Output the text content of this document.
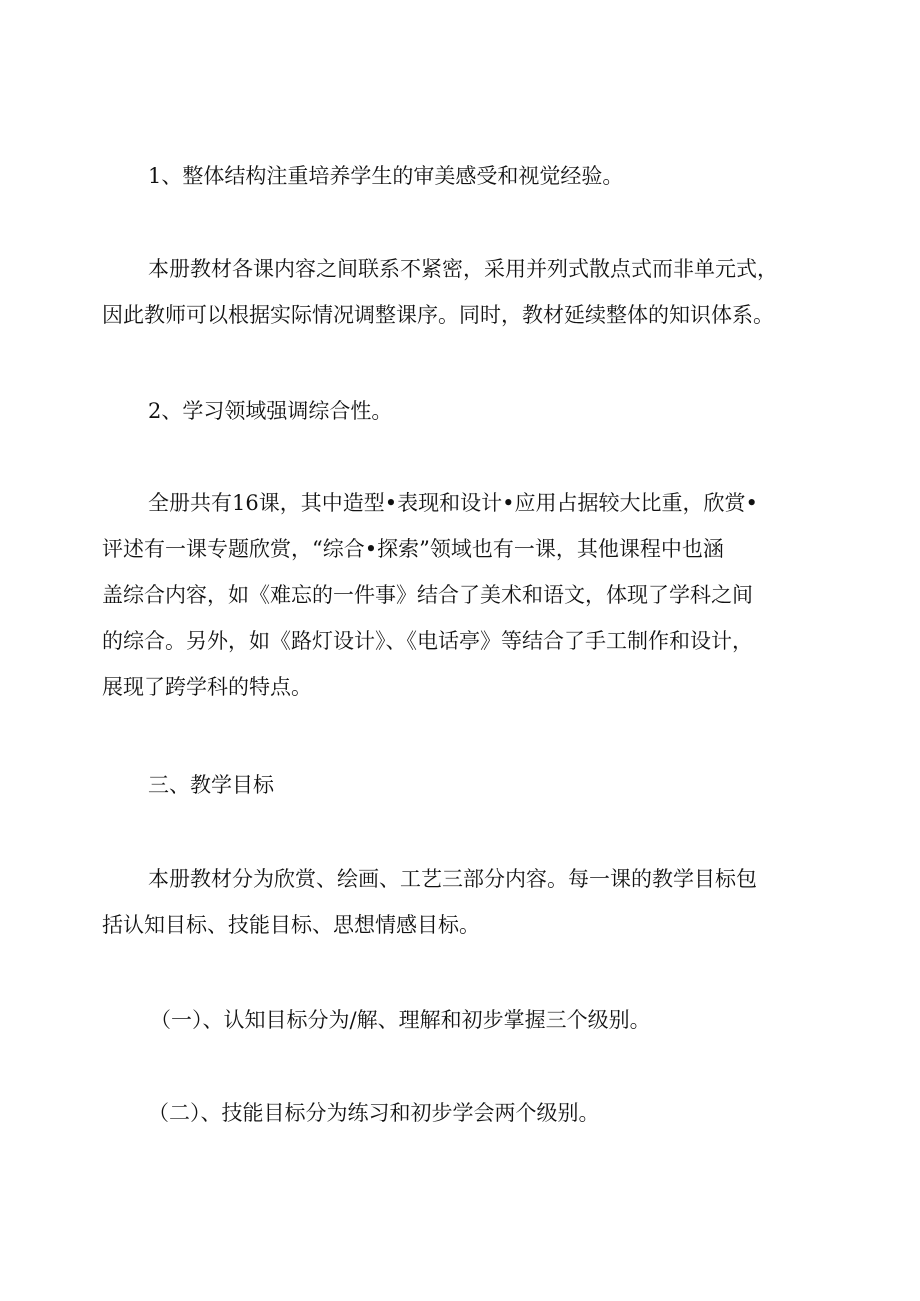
1、整体结构注重培养学生的审美感受和视觉经验。

本册教材各课内容之间联系不紧密，采用并列式散点式而非单元式，
因此教师可以根据实际情况调整课序。同时，教材延续整体的知识体系。

2、学习领域强调综合性。

全册共有16课，其中造型•表现和设计•应用占据较大比重，欣赏•
评述有一课专题欣赏，“综合•探索”领域也有一课，其他课程中也涵
盖综合内容，如《难忘的一件事》结合了美术和语文，体现了学科之间
的综合。另外，如《路灯设计》、《电话亭》等结合了手工制作和设计，
展现了跨学科的特点。

三、教学目标

本册教材分为欣赏、绘画、工艺三部分内容。每一课的教学目标包
括认知目标、技能目标、思想情感目标。

（一）、认知目标分为/解、理解和初步掌握三个级别。

（二）、技能目标分为练习和初步学会两个级别。
